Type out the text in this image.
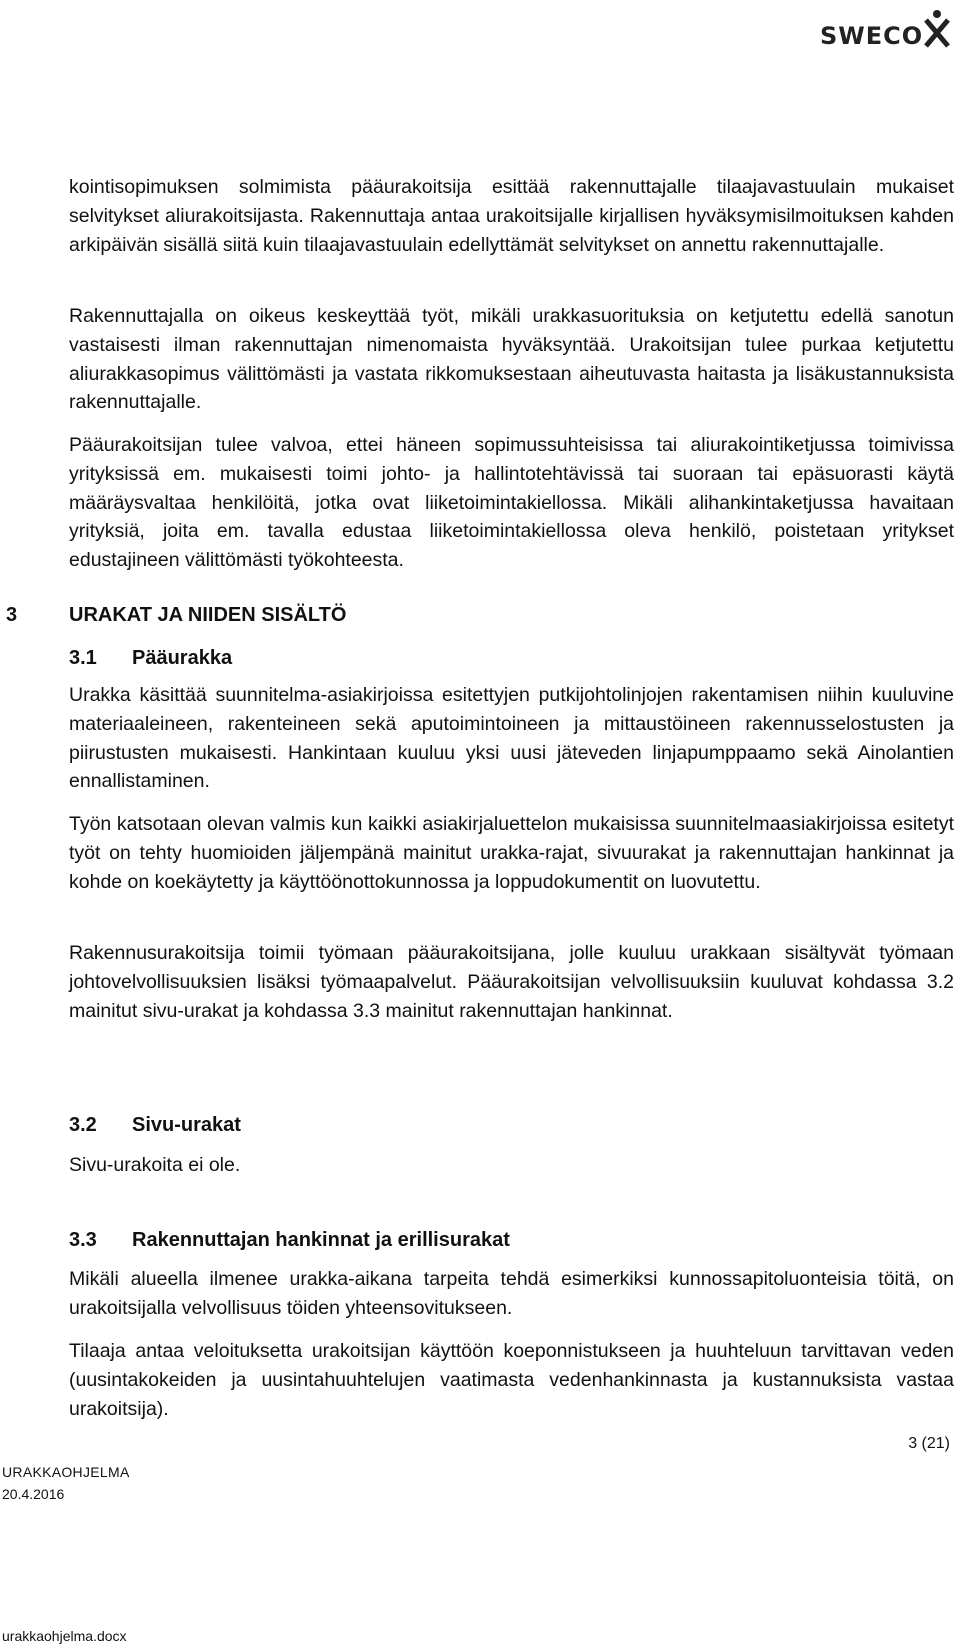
SWECO

kointisopimuksen solmimista pääurakoitsija esittää rakennuttajalle tilaajavastuulain mukaiset selvitykset aliurakoitsijasta. Rakennuttaja antaa urakoitsijalle kirjallisen hyväksymisilmoituksen kahden arkipäivän sisällä siitä kuin tilaajavastuulain edellyttämät selvitykset on annettu rakennuttajalle.

Rakennuttajalla on oikeus keskeyttää työt, mikäli urakkasuorituksia on ketjutettu edellä sanotun vastaisesti ilman rakennuttajan nimenomaista hyväksyntää. Urakoitsijan tulee purkaa ketjutettu aliurakkasopimus välittömästi ja vastata rikkomuksestaan aiheutuvasta haitasta ja lisäkustannuksista rakennuttajalle.

Pääurakoitsijan tulee valvoa, ettei häneen sopimussuhteisissa tai aliurakointiketjussa toimivissa yrityksissä em. mukaisesti toimi johto- ja hallintotehtävissä tai suoraan tai epäsuorasti käytä määräysvaltaa henkilöitä, jotka ovat liiketoimintakiellossa. Mikäli alihankintaketjussa havaitaan yrityksiä, joita em. tavalla edustaa liiketoimintakiellossa oleva henkilö, poistetaan yritykset edustajineen välittömästi työkohteesta.

3	URAKAT JA NIIDEN SISÄLTÖ
3.1 Pääurakka

Urakka käsittää suunnitelma-asiakirjoissa esitettyjen putkijohtolinjojen rakentamisen niihin kuuluvine materiaaleineen, rakenteineen sekä aputoimintoineen ja mittaustöineen rakennusselostusten ja piirustusten mukaisesti. Hankintaan kuuluu yksi uusi jäteveden linjapumppaamo sekä Ainolantien ennallistaminen.

Työn katsotaan olevan valmis kun kaikki asiakirjaluettelon mukaisissa suunnitelmaasiakirjoissa esitetyt työt on tehty huomioiden jäljempänä mainitut urakka-rajat, sivuurakat ja rakennuttajan hankinnat ja kohde on koekäytetty ja käyttöönottokunnossa ja loppudokumentit on luovutettu.

Rakennusurakoitsija toimii työmaan pääurakoitsijana, jolle kuuluu urakkaan sisältyvät työmaan johtovelvollisuuksien lisäksi työmaapalvelut. Pääurakoitsijan velvollisuuksiin kuuluvat kohdassa 3.2 mainitut sivu-urakat ja kohdassa 3.3 mainitut rakennuttajan hankinnat.

3.2 Sivu-urakat

Sivu-urakoita ei ole.

3.3 Rakennuttajan hankinnat ja erillisurakat

Mikäli alueella ilmenee urakka-aikana tarpeita tehdä esimerkiksi kunnossapitoluonteisia töitä, on urakoitsijalla velvollisuus töiden yhteensovitukseen.

Tilaaja antaa veloituksetta urakoitsijan käyttöön koeponnistukseen ja huuhteluun tarvittavan veden (uusintakokeiden ja uusintahuuhtelujen vaatimasta vedenhankinnasta ja kustannuksista vastaa urakoitsija).

3 (21)
URAKKAOHJELMA
20.4.2016
urakkaohjelma.docx
